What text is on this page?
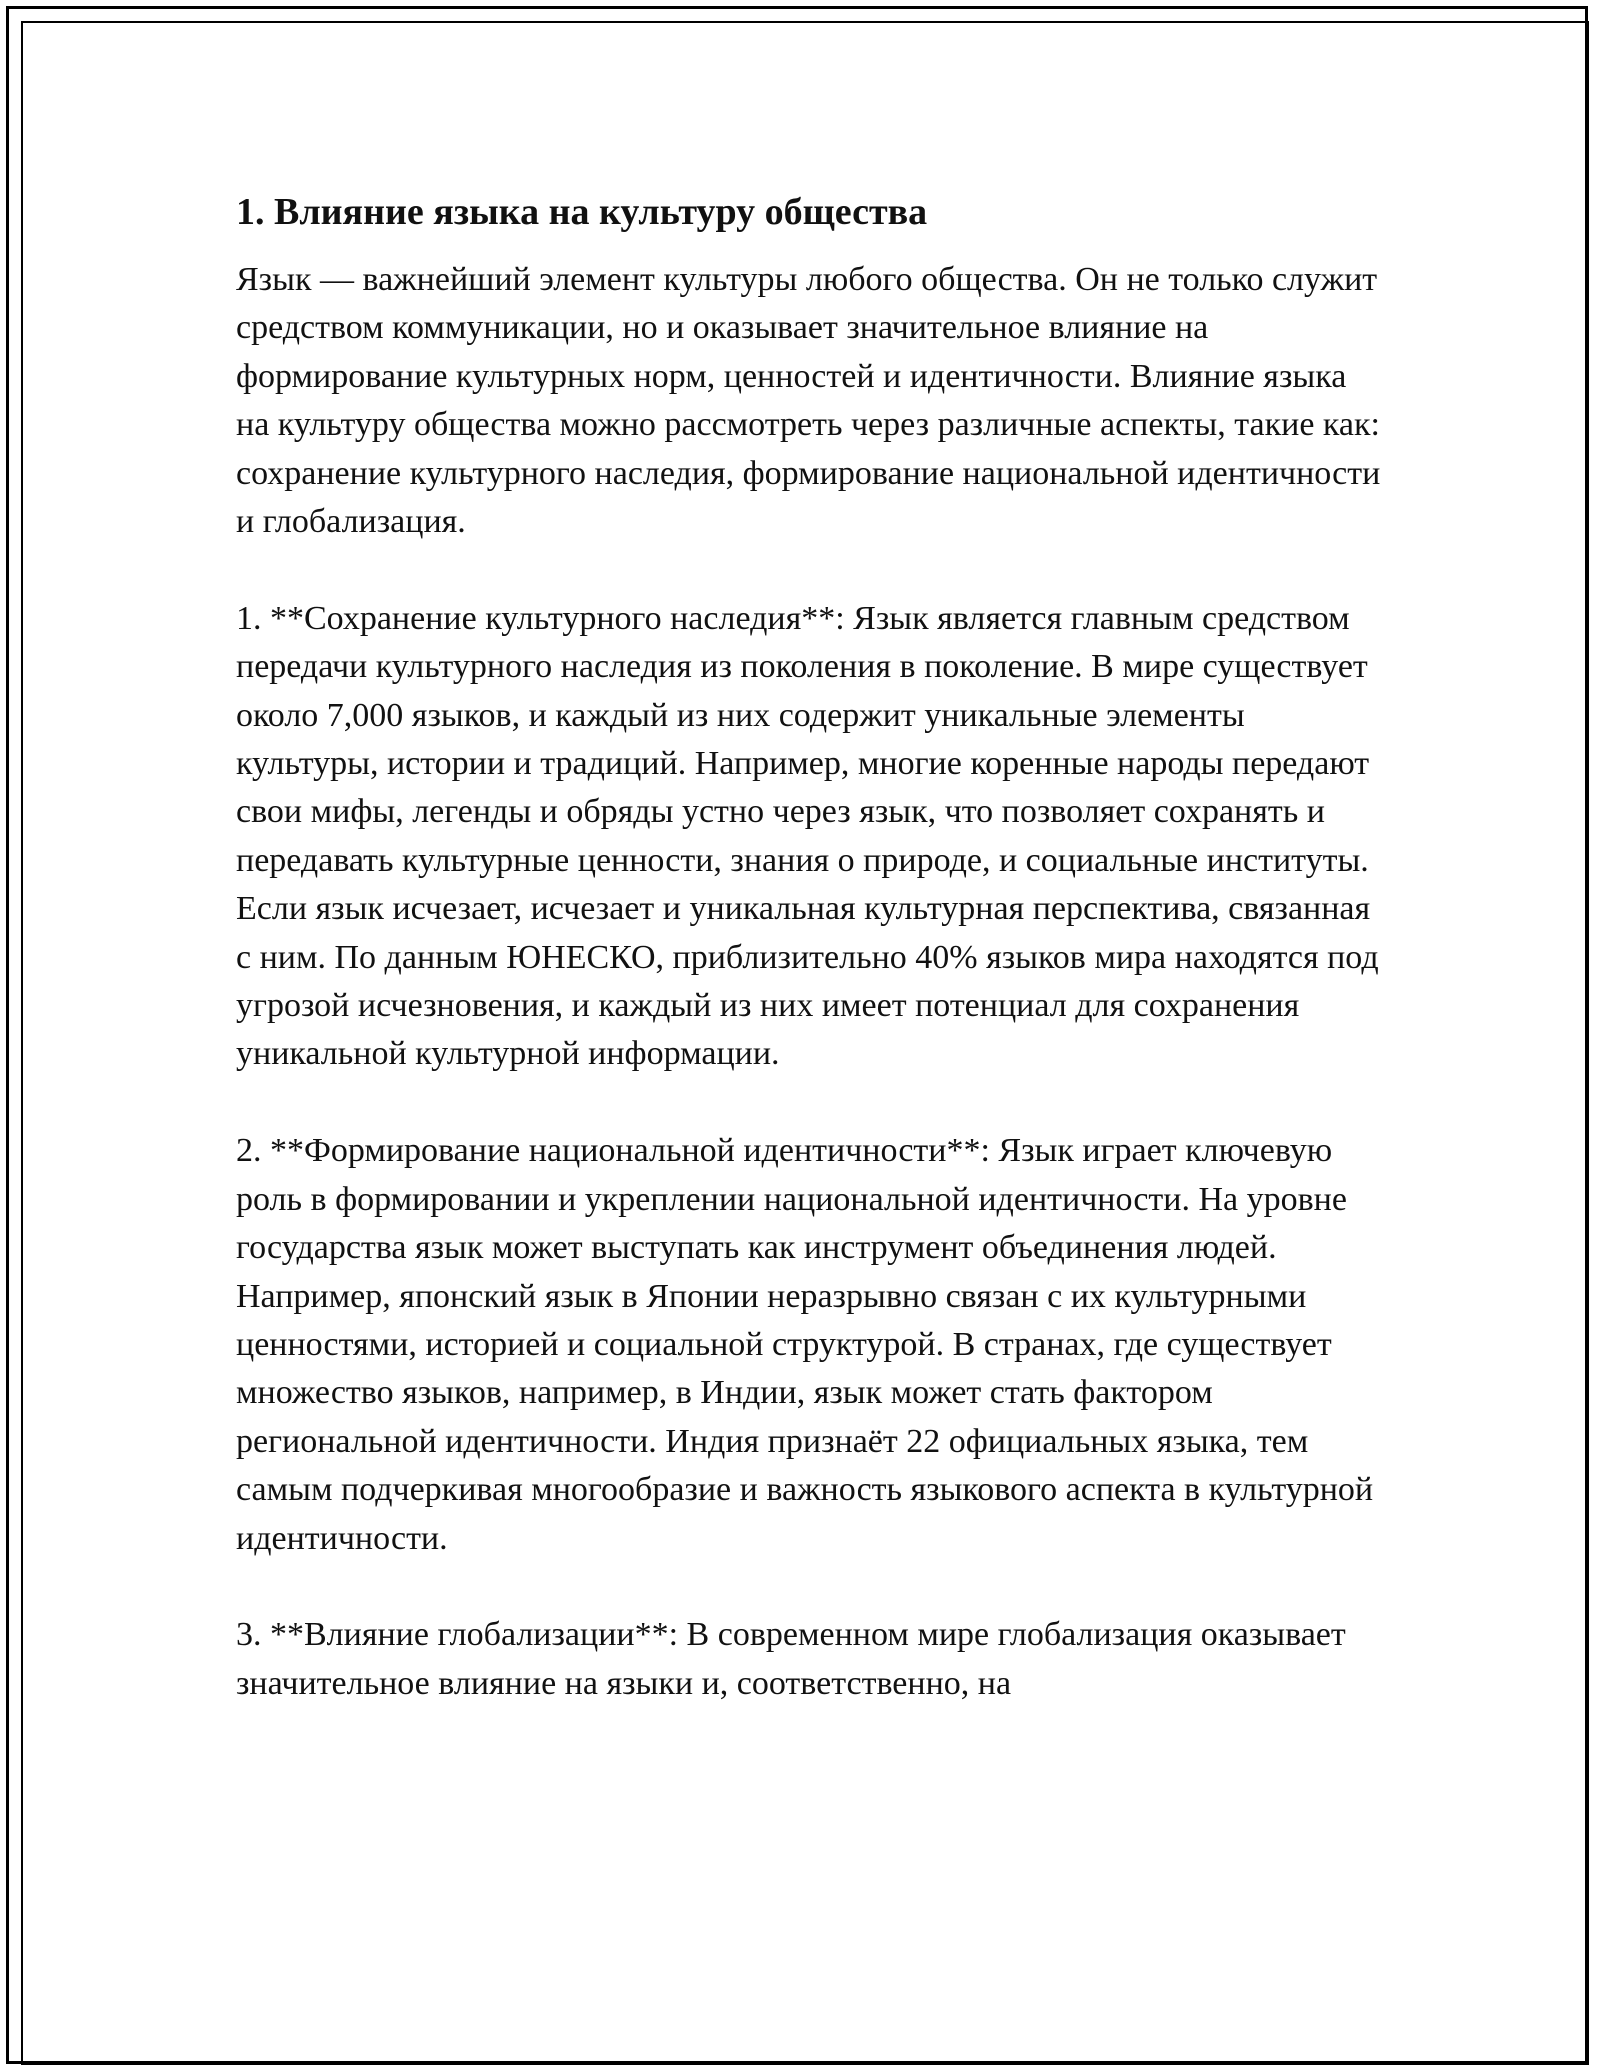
1. Влияние языка на культуру общества

Язык — важнейший элемент культуры любого общества. Он не только служит средством коммуникации, но и оказывает значительное влияние на формирование культурных норм, ценностей и идентичности. Влияние языка на культуру общества можно рассмотреть через различные аспекты, такие как: сохранение культурного наследия, формирование национальной идентичности и глобализация.

1. **Сохранение культурного наследия**: Язык является главным средством передачи культурного наследия из поколения в поколение. В мире существует около 7,000 языков, и каждый из них содержит уникальные элементы культуры, истории и традиций. Например, многие коренные народы передают свои мифы, легенды и обряды устно через язык, что позволяет сохранять и передавать культурные ценности, знания о природе, и социальные институты. Если язык исчезает, исчезает и уникальная культурная перспектива, связанная с ним. По данным ЮНЕСКО, приблизительно 40% языков мира находятся под угрозой исчезновения, и каждый из них имеет потенциал для сохранения уникальной культурной информации.

2. **Формирование национальной идентичности**: Язык играет ключевую роль в формировании и укреплении национальной идентичности. На уровне государства язык может выступать как инструмент объединения людей. Например, японский язык в Японии неразрывно связан с их культурными ценностями, историей и социальной структурой. В странах, где существует множество языков, например, в Индии, язык может стать фактором региональной идентичности. Индия признаёт 22 официальных языка, тем самым подчеркивая многообразие и важность языкового аспекта в культурной идентичности.

3. **Влияние глобализации**: В современном мире глобализация оказывает значительное влияние на языки и, соответственно, на
